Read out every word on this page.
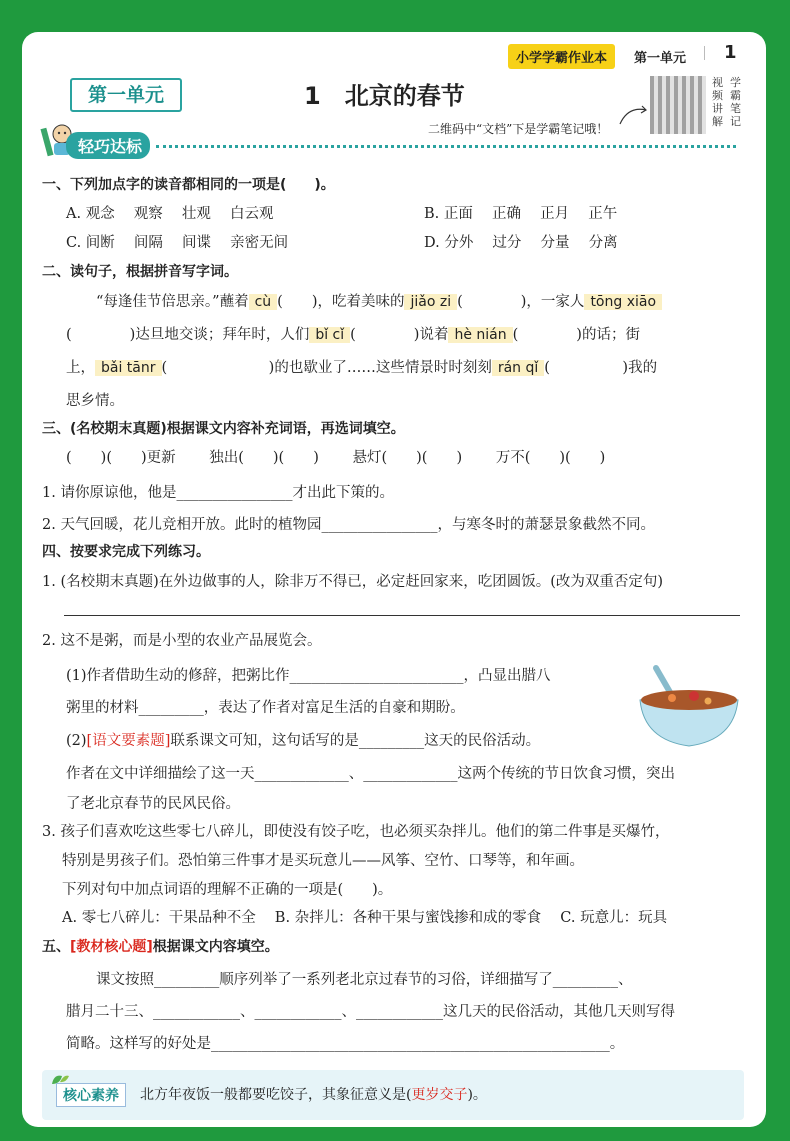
小学学霸作业本	第一单元 1
第一单元	1　北京的春节	视
频
讲
解
学
霸
笔
记
二维码中“文档”下是学霸笔记哦！
轻巧达标
一、下列加点字的读音都相同的一项是(　　)。
A. 观念　 观察　 壮观　 白云观	B. 正面　 正确　 正月　 正午
C. 间断　 间隔　 间谍　 亲密无间	D. 分外　 过分　 分量　 分离
二、读句子，根据拼音写字词。
“每逢佳节倍思亲。”蘸着 cù (　　)，吃着美味的 jiǎo zi (　　　　)，一家人 tōng xiāo
(　　　　)达旦地交谈；拜年时，人们 bǐ cǐ (　　　　)说着 hè nián (　　　　)的话；街
上， bǎi tānr (　　　　　　　)的也歇业了……这些情景时时刻刻 rán qǐ (　　　　　)我的
思乡情。
三、(名校期末真题)根据课文内容补充词语，再选词填空。
(　　)(　　)更新　　 独出(　　)(　　)　　 悬灯(　　)(　　)　　 万不(　　)(　　)
1. 请你原谅他，他是________________才出此下策的。
2. 天气回暖，花儿竞相开放。此时的植物园________________，与寒冬时的萧瑟景象截然不同。
四、按要求完成下列练习。
1. (名校期末真题)在外边做事的人，除非万不得已，必定赶回家来，吃团圆饭。(改为双重否定句)
2. 这不是粥，而是小型的农业产品展览会。
(1)作者借助生动的修辞，把粥比作________________________，凸显出腊八
粥里的材料_________，表达了作者对富足生活的自豪和期盼。
(2)[语文要素题]联系课文可知，这句话写的是_________这天的民俗活动。
作者在文中详细描绘了这一天_____________、_____________这两个传统的节日饮食习惯，突出
了老北京春节的民风民俗。
3. 孩子们喜欢吃这些零七八碎儿，即使没有饺子吃，也必须买杂拌儿。他们的第二件事是买爆竹，
特别是男孩子们。恐怕第三件事才是买玩意儿——风筝、空竹、口琴等，和年画。
下列对句中加点词语的理解不正确的一项是(　　)。
A. 零七八碎儿：干果品种不全　 B. 杂拌儿：各种干果与蜜饯掺和成的零食　 C. 玩意儿：玩具
五、[教材核心题]根据课文内容填空。
课文按照_________顺序列举了一系列老北京过春节的习俗，详细描写了_________、
腊月二十三、____________、____________、____________这几天的民俗活动，其他几天则写得
简略。这样写的好处是_______________________________________________________。
核心素养	北方年夜饭一般都要吃饺子，其象征意义是(更岁交子)。
